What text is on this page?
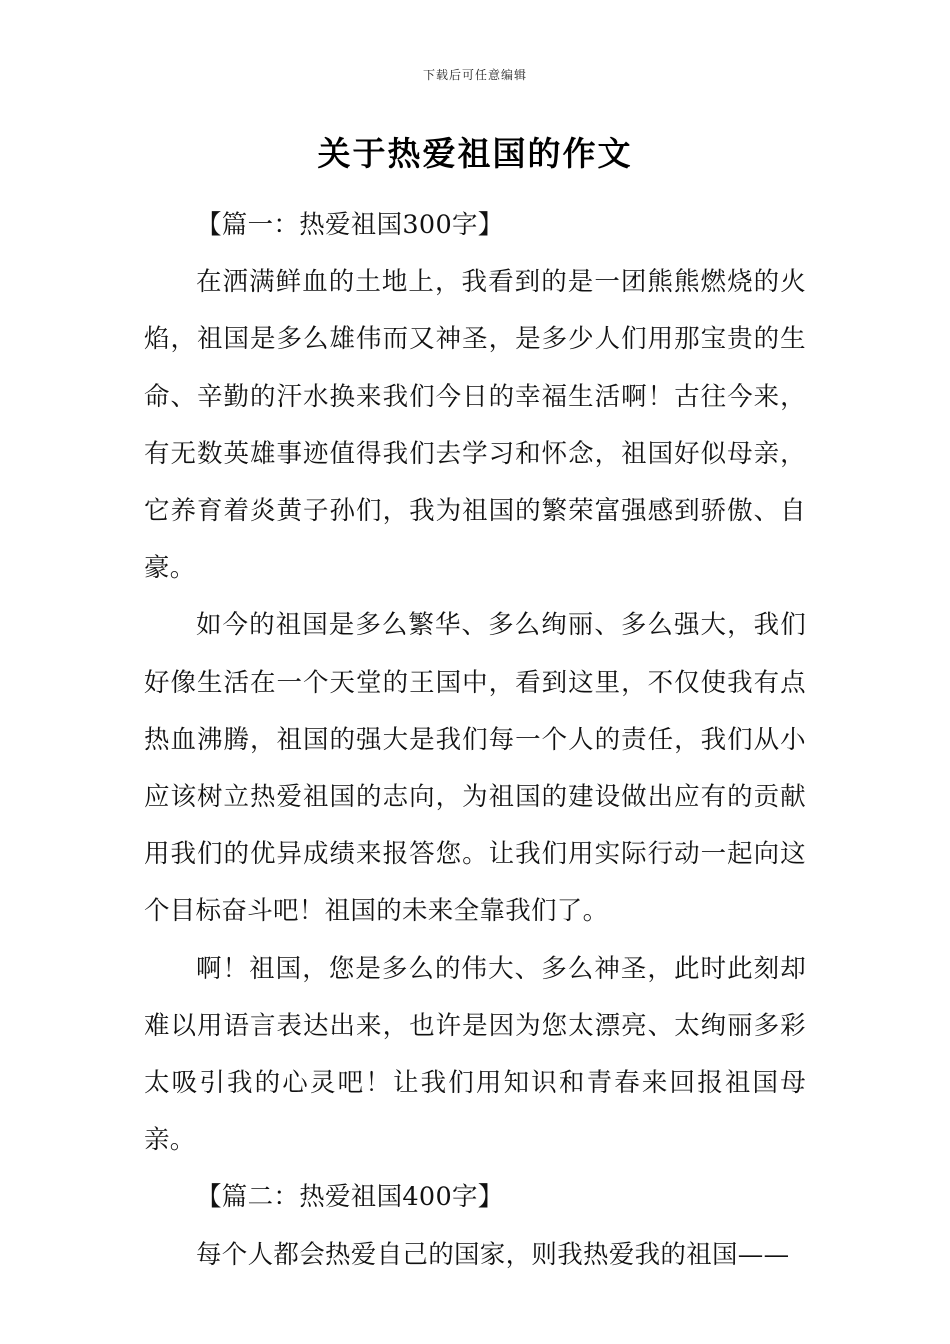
下载后可任意编辑
关于热爱祖国的作文
【篇一：热爱祖国300字】

在洒满鲜血的土地上，我看到的是一团熊熊燃烧的火焰，祖国是多么雄伟而又神圣，是多少人们用那宝贵的生命、辛勤的汗水换来我们今日的幸福生活啊！古往今来，有无数英雄事迹值得我们去学习和怀念，祖国好似母亲，它养育着炎黄子孙们，我为祖国的繁荣富强感到骄傲、自豪。

如今的祖国是多么繁华、多么绚丽、多么强大，我们好像生活在一个天堂的王国中，看到这里，不仅使我有点热血沸腾，祖国的强大是我们每一个人的责任，我们从小应该树立热爱祖国的志向，为祖国的建设做出应有的贡献用我们的优异成绩来报答您。让我们用实际行动一起向这个目标奋斗吧！祖国的未来全靠我们了。

啊！祖国，您是多么的伟大、多么神圣，此时此刻却难以用语言表达出来，也许是因为您太漂亮、太绚丽多彩太吸引我的心灵吧！让我们用知识和青春来回报祖国母亲。

【篇二：热爱祖国400字】

每个人都会热爱自己的国家，则我热爱我的祖国——
